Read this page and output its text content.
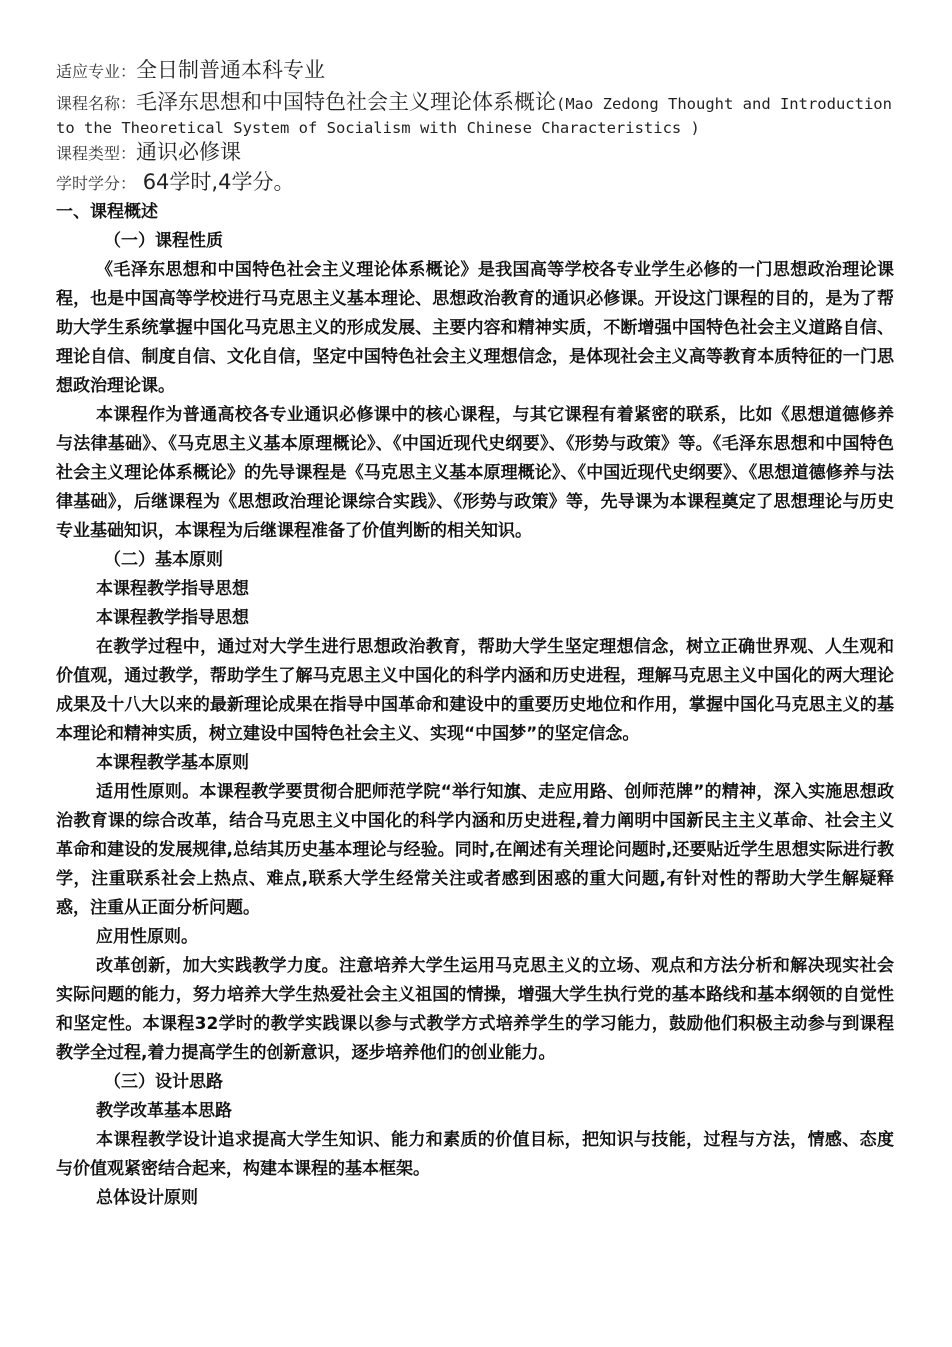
适应专业：全日制普通本科专业
课程名称：毛泽东思想和中国特色社会主义理论体系概论(Mao Zedong Thought and Introduction to the Theoretical System of Socialism with Chinese Characteristics )
课程类型：通识必修课
学时学分： 64学时,4学分。

一、课程概述

（一）课程性质

《毛泽东思想和中国特色社会主义理论体系概论》是我国高等学校各专业学生必修的一门思想政治理论课程，也是中国高等学校进行马克思主义基本理论、思想政治教育的通识必修课。开设这门课程的目的，是为了帮助大学生系统掌握中国化马克思主义的形成发展、主要内容和精神实质，不断增强中国特色社会主义道路自信、理论自信、制度自信、文化自信，坚定中国特色社会主义理想信念，是体现社会主义高等教育本质特征的一门思想政治理论课。

本课程作为普通高校各专业通识必修课中的核心课程，与其它课程有着紧密的联系，比如《思想道德修养与法律基础》、《马克思主义基本原理概论》、《中国近现代史纲要》、《形势与政策》等。《毛泽东思想和中国特色社会主义理论体系概论》的先导课程是《马克思主义基本原理概论》、《中国近现代史纲要》、《思想道德修养与法律基础》，后继课程为《思想政治理论课综合实践》、《形势与政策》等，先导课为本课程奠定了思想理论与历史专业基础知识，本课程为后继课程准备了价值判断的相关知识。

（二）基本原则

本课程教学指导思想

本课程教学指导思想

在教学过程中，通过对大学生进行思想政治教育，帮助大学生坚定理想信念，树立正确世界观、人生观和价值观，通过教学，帮助学生了解马克思主义中国化的科学内涵和历史进程，理解马克思主义中国化的两大理论成果及十八大以来的最新理论成果在指导中国革命和建设中的重要历史地位和作用，掌握中国化马克思主义的基本理论和精神实质，树立建设中国特色社会主义、实现“中国梦”的坚定信念。

本课程教学基本原则

适用性原则。本课程教学要贯彻合肥师范学院“举行知旗、走应用路、创师范牌”的精神，深入实施思想政治教育课的综合改革，结合马克思主义中国化的科学内涵和历史进程,着力阐明中国新民主主义革命、社会主义革命和建设的发展规律,总结其历史基本理论与经验。同时,在阐述有关理论问题时,还要贴近学生思想实际进行教学，注重联系社会上热点、难点,联系大学生经常关注或者感到困惑的重大问题,有针对性的帮助大学生解疑释惑，注重从正面分析问题。

应用性原则。

改革创新，加大实践教学力度。注意培养大学生运用马克思主义的立场、观点和方法分析和解决现实社会实际问题的能力，努力培养大学生热爱社会主义祖国的情操，增强大学生执行党的基本路线和基本纲领的自觉性和坚定性。本课程32学时的教学实践课以参与式教学方式培养学生的学习能力，鼓励他们积极主动参与到课程教学全过程,着力提高学生的创新意识，逐步培养他们的创业能力。

（三）设计思路

教学改革基本思路

本课程教学设计追求提高大学生知识、能力和素质的价值目标，把知识与技能，过程与方法，情感、态度与价值观紧密结合起来，构建本课程的基本框架。

总体设计原则
